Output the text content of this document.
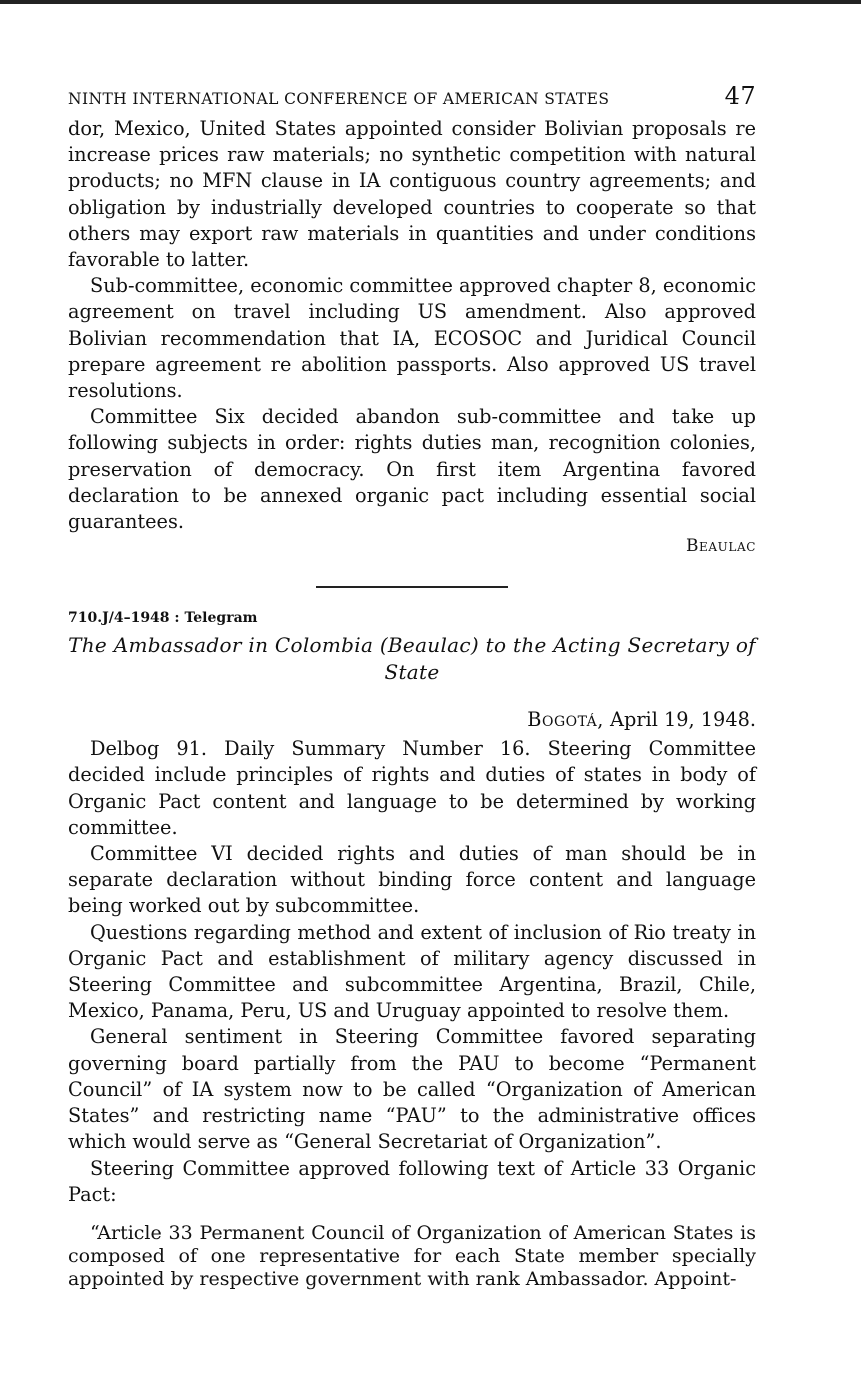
NINTH INTERNATIONAL CONFERENCE OF AMERICAN STATES	47

dor, Mexico, United States appointed consider Bolivian proposals re increase prices raw materials; no synthetic competition with natural products; no MFN clause in IA contiguous country agreements; and obligation by industrially developed countries to cooperate so that others may export raw materials in quantities and under conditions favorable to latter.

Sub-committee, economic committee approved chapter 8, economic agreement on travel including US amendment. Also approved Bolivian recommendation that IA, ECOSOC and Juridical Council prepare agreement re abolition passports. Also approved US travel resolutions.

Committee Six decided abandon sub-committee and take up following subjects in order: rights duties man, recognition colonies, preservation of democracy. On first item Argentina favored declaration to be annexed organic pact including essential social guarantees.

Beaulac
710.J/4–1948 : Telegram

The Ambassador in Colombia (Beaulac) to the Acting Secretary of State

Bogotá, April 19, 1948.

Delbog 91. Daily Summary Number 16. Steering Committee decided include principles of rights and duties of states in body of Organic Pact content and language to be determined by working committee.

Committee VI decided rights and duties of man should be in separate declaration without binding force content and language being worked out by subcommittee.

Questions regarding method and extent of inclusion of Rio treaty in Organic Pact and establishment of military agency discussed in Steering Committee and subcommittee Argentina, Brazil, Chile, Mexico, Panama, Peru, US and Uruguay appointed to resolve them.

General sentiment in Steering Committee favored separating governing board partially from the PAU to become “Permanent Council” of IA system now to be called “Organization of American States” and restricting name “PAU” to the administrative offices which would serve as “General Secretariat of Organization”.

Steering Committee approved following text of Article 33 Organic Pact:

“Article 33 Permanent Council of Organization of American States is composed of one representative for each State member specially appointed by respective government with rank Ambassador. Appoint-
